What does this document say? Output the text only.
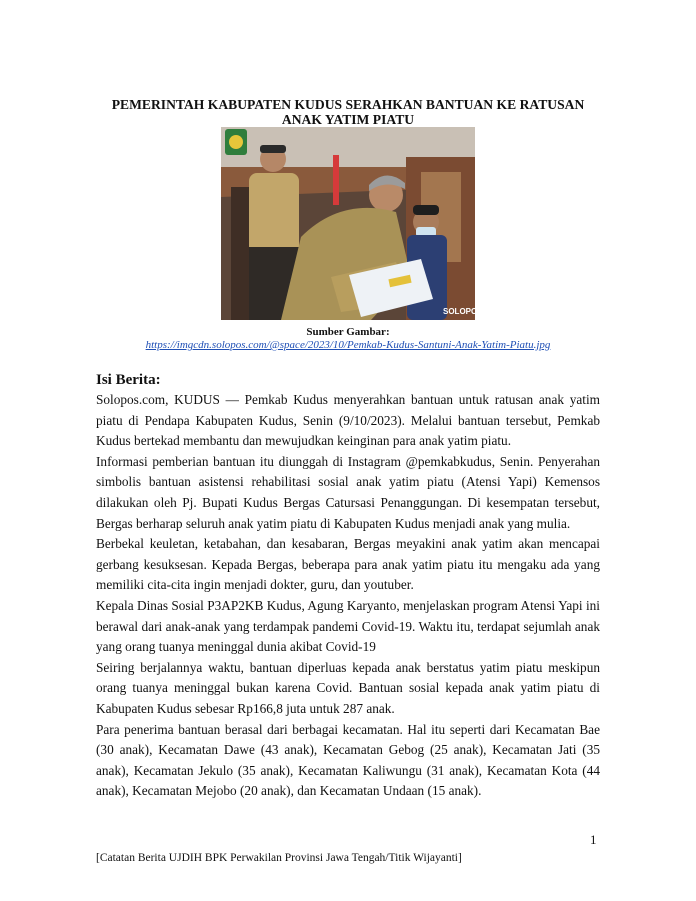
PEMERINTAH KABUPATEN KUDUS SERAHKAN BANTUAN KE RATUSAN
ANAK YATIM PIATU
SOLOPOS
Sumber Gambar:
https://imgcdn.solopos.com/@space/2023/10/Pemkab-Kudus-Santuni-Anak-Yatim-Piatu.jpg
Isi Berita:

Solopos.com, KUDUS — Pemkab Kudus menyerahkan bantuan untuk ratusan anak yatim piatu di Pendapa Kabupaten Kudus, Senin (9/10/2023). Melalui bantuan tersebut, Pemkab Kudus bertekad membantu dan mewujudkan keinginan para anak yatim piatu.

Informasi pemberian bantuan itu diunggah di Instagram @pemkabkudus, Senin. Penyerahan simbolis bantuan asistensi rehabilitasi sosial anak yatim piatu (Atensi Yapi) Kemensos dilakukan oleh Pj. Bupati Kudus Bergas Catursasi Penanggungan. Di kesempatan tersebut, Bergas berharap seluruh anak yatim piatu di Kabupaten Kudus menjadi anak yang mulia.

Berbekal keuletan, ketabahan, dan kesabaran, Bergas meyakini anak yatim akan mencapai gerbang kesuksesan. Kepada Bergas, beberapa para anak yatim piatu itu mengaku ada yang memiliki cita-cita ingin menjadi dokter, guru, dan youtuber.

Kepala Dinas Sosial P3AP2KB Kudus, Agung Karyanto, menjelaskan program Atensi Yapi ini berawal dari anak-anak yang terdampak pandemi Covid-19. Waktu itu, terdapat sejumlah anak yang orang tuanya meninggal dunia akibat Covid-19

Seiring berjalannya waktu, bantuan diperluas kepada anak berstatus yatim piatu meskipun orang tuanya meninggal bukan karena Covid. Bantuan sosial kepada anak yatim piatu di Kabupaten Kudus sebesar Rp166,8 juta untuk 287 anak.

Para penerima bantuan berasal dari berbagai kecamatan. Hal itu seperti dari Kecamatan Bae (30 anak), Kecamatan Dawe (43 anak), Kecamatan Gebog (25 anak), Kecamatan Jati (35 anak), Kecamatan Jekulo (35 anak), Kecamatan Kaliwungu (31 anak), Kecamatan Kota (44 anak), Kecamatan Mejobo (20 anak), dan Kecamatan Undaan (15 anak).

1
[Catatan Berita UJDIH BPK Perwakilan Provinsi Jawa Tengah/Titik Wijayanti]
